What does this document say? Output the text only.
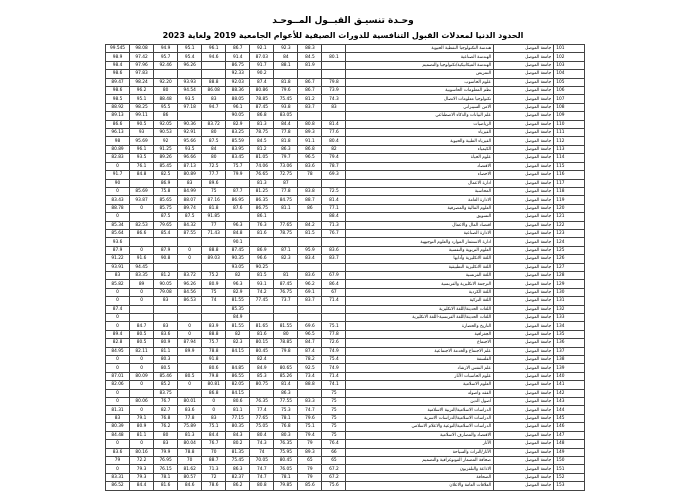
وحـدة تنسيـق القبــول المــوحـد
الحدود الدنيا لمعدلات القبول التنافسية للدورات الصيفية للأعوام الجامعية 2019 ولغاية 2023
99.545	98.08	94.9	95.1	96.1	86.7	92.1	92.3	88.3		هندسة التكنولوجيا النفطية الحيوية	جامعة الموصل	101
98.9	97.42	95.7	95.4	94.6	91.4	87.03	84	84.5	80.1	الهندسة الصناعية	جامعة الموصل	102
98.4	97.96	92.46	96.26		86.75	91.7	88.1	81.9		الهندسة الميكانيكية/تكنولوجيا والتصميم	جامعة الموصل	103
98.6	97.83				92.33	90.2				التمريض	جامعة الموصل	104
89.47	98.24	92.20	93.93	88.8	92.03	87.4	81.8	86.7	79.8	علوم الحاسوب	جامعة الموصل	105
98.6	96.2	80	94.54	86.08	88.36	80.86	79.6	86.7	73.9	نظم المعلومات الحاسوبية	جامعة الموصل	106
98.5	95.1	88.48	93.5	83	88.05	78.85	75.45	81.2	74.3	تكنولوجيا معلومات الاتصال	جامعة الموصل	107
88.92	98.25	95.5	97.18	94.7	96.1	87.45	93.8	83.7	83	الامن السيبراني	جامعة الموصل	108
89.13	99.11	86			90.05	86.8	83.05			علم البيانات والذكاء الاصطناعي	جامعة الموصل	109
86.6	90.5	92.05	90.36	83.72	82.9	81.3	84.4	80.8	81.4	الرياضيات	جامعة الموصل	110
96.13	93	90.53	92.91	80	83.25	78.75	77.8	89.3	77.6	الفيزياء	جامعة الموصل	111
98	95.69	92	95.66	87.5	85.59	84.5	81.8	91.1	80.4	الفيزياء الطبية والحيوية	جامعة الموصل	112
80.89	96.1	91.25	93.5	84	83.95	81.2	86.3	86.8	82	الكيمياء	جامعة الموصل	113
82.83	93.5	89.26	96.66	80	83.45	81.05	79.7	96.5	79.4	علوم الحياة	جامعة الموصل	114
0	76.1	85.45	87.13	72.5	75.7	74.06	73.06	83.6	78.7	الاقتصاد	جامعة الموصل	115
91.7	84.8	82.5	80.89	77.7	79.9	76.65	72.75	78	69.3	الاحصاء	جامعة الموصل	116
90		86.9	83	89.6		81.3	87			ادارة الاعمال	جامعة الموصل	117
0	85.69	75.8	84.99	75	87.7	81.25	77.8	83.8	72.5	المحاسبة	جامعة الموصل	118
83.43	93.87	85.65	88.07	87.16	86.95	86.35	84.75	88.7	81.4	الادارة العامة	جامعة الموصل	119
88.78	0	85.75	89.74	81.8	87.6	86.75	81.1	86	77.1	العلوم المالية والمصرفية	جامعة الموصل	120
0		87.5	87.5	91.85		86.1			88.4	التسويق	جامعة الموصل	121
85.34	82.53	79.65	84.32	77	96.3	76.3	77.65	84.2	71.3	اقتصاد المال والاعمال	جامعة الموصل	122
85.64	86.6	85.4	87.55	71.43	84.8	81.6	78.75	81.5	76.7	الادارة الصناعية	جامعة الموصل	123
93.6					90.1					ادارة الاستثمار الموارد والعلوم التوجيهية	جامعة الموصل	124
87.9	0	87.9	0	88.8	87.45	86.9	87.1	95.9	83.6	العلوم التربوية والنفسية	جامعة الموصل	125
91.22	91.6	90.8	0	89.03	90.35	96.6	82.3	83.4	83.7	اللغة الانكليزية وآدابها	جامعة الموصل	126
93.91	94.45				93.05	90.25				اللغة الانكليزية التطبيقية	جامعة الموصل	127
83	83.35	81.2	83.72	75.2	82	81.5	81	83.6	67.9	اللغة الفرنسية	جامعة الموصل	128
85.82	89	90.05	96.26	80.9	96.3	93.1	87.45	96.2	86.4	الترجمة الانكليزية والفرنسية	جامعة الموصل	129
0	0	79.08	84.56	75	82.9	74.2	76.75	69.1	67	اللغة الكردية	جامعة الموصل	130
0	0	83	86.53	74	81.55	77.45	73.7	83.7	71.4	اللغة التركية	جامعة الموصل	131
87.4					85.35					اللغات الحديثة/اللغة الانكليزية	جامعة الموصل	132
0					84.9					اللغات الحديثة/اللغة الفرنسية-اللغة الانكليزية	جامعة الموصل	133
0	84.7	83	0	83.9	81.55	81.65	81.55	69.6	75.1	التاريخ والحضارة	جامعة الموصل	134
89.4	80.5	83.6	0	88.8	82	81.6	80	96.5	77.8	الجغرافية	جامعة الموصل	135
82.8	80.5	80.9	87.94	75.7	82.3	80.15	78.85	84.7	72.6	الاجتماع	جامعة الموصل	136
84.95	82.11	81.1	89.9	78.8	84.15	80.45	79.8	87.4	74.9	علم الاجتماع والخدمة الاجتماعية	جامعة الموصل	137
0	0	80.3		91.8		82.4		78.2	75.4	الفلسفة	جامعة الموصل	138
0	0	80.5		80.6	84.85	84.9	80.65	92.5	74.9	علم النفس الارشاد	جامعة الموصل	139
87.01	80.09	85.46	80.5	79.8	86.55	85.3	85.26	73.4	71.4	علوم الحاسبات الآثار	جامعة الموصل	140
82.06	0	85.2	0	80.81	82.05	80.75	81.4	88.8	74.1	العلوم الاسلامية	جامعة الموصل	141
0		83.75		86.8	84.15		86.3		75	الفقه واصوله	جامعة الموصل	142
0	80.06	76.7	80.01	0	80.6	76.35	77.55	83.3	75	اصول الدين	جامعة الموصل	143
81.31	0	82.7	83.6	0	81.1	77.4	75.3	74.7	75	الدراسات الاسلامية/التربية الاسلامية	جامعة الموصل	144
83	79.1	76.8	77.8	83	77.15	77.65	78.1	79.6	75	الدراسات الاسلامية/الدراسات الاسرية	جامعة الموصل	145
80.39	80.9	76.2	75.89	75.1	80.35	75.05	76.8	75.1	75	الدراسات الاسلامية/التوعية والاعلام الاسلامي	جامعة الموصل	146
84.48	81.1	80	81.3	84.4	84.3	80.4	80.3	79.4	75	الاقتصاد والمصارف الاسلامية	جامعة الموصل	147
0	0	83	80.04	76.7	80.2	74.3	76.35	79	76.4	الآثار	جامعة الموصل	148
83.6	80.16	79.9	78.8	70	81.35	74	75.95	89.3	66	الآثار/التراث والسياحة	جامعة الموصل	149
79	72.2	76.95	70	88.7	75.45	70.05	80.45	65	65	صحافة المضمار الفوتوغرافية والتصميم	جامعة الموصل	150
0	79.3	76.15	81.62	71.3	86.3	74.7	76.05	79	67.2	الاذاعة والتلفزيون	جامعة الموصل	151
83.31	79.3	78.1	80.57	72	82.37	74.7	78.1	79	67.2	الصحافة	جامعة الموصل	152
86.52	84.4	81.6	84.6	78.6	86.2	80.8	79.85	85.6	75.6	العلاقات العامة والاعلان	جامعة الموصل	153
